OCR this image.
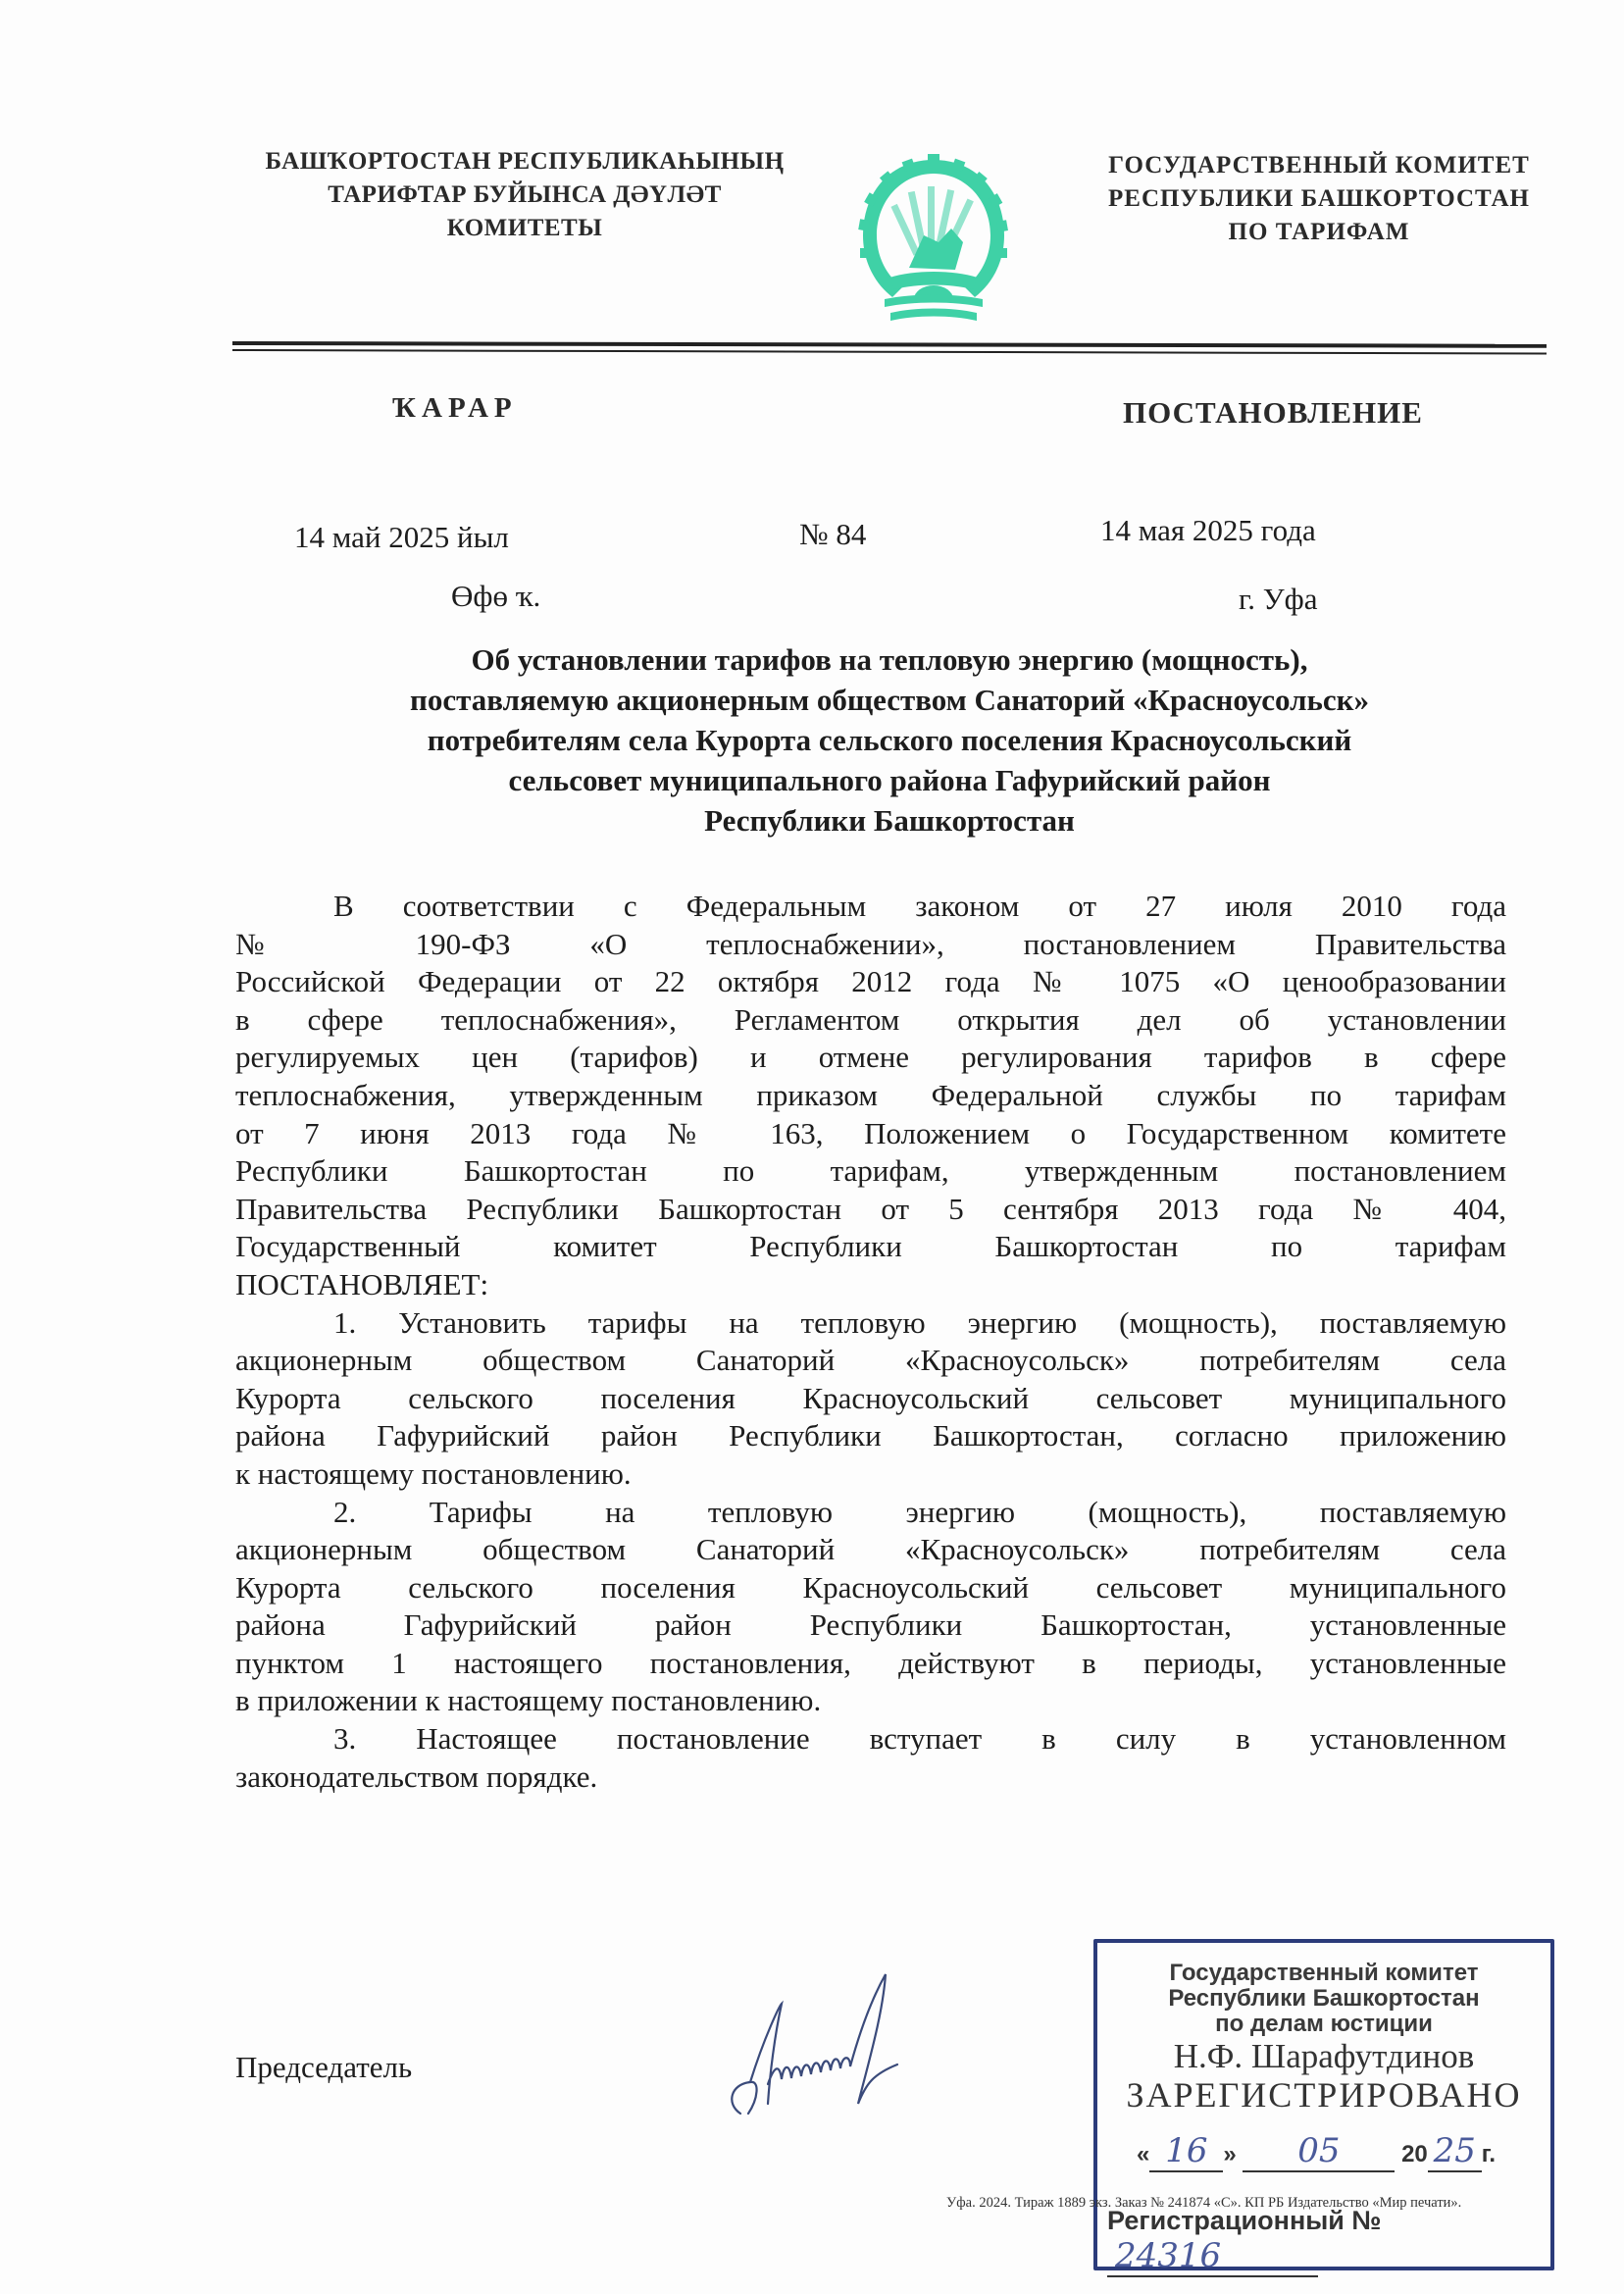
БАШҠОРТОСТАН РЕСПУБЛИКАҺЫНЫҢ
ТАРИФТАР БУЙЫНСА ДӘҮЛӘТ
КОМИТЕТЫ
ГОСУДАРСТВЕННЫЙ КОМИТЕТ
РЕСПУБЛИКИ БАШКОРТОСТАН
ПО ТАРИФАМ
ҠАРАР	ПОСТАНОВЛЕНИЕ
14 май 2025 йыл	№ 84	14 мая 2025 года
Өфө ҡ.	г. Уфа
Об установлении тарифов на тепловую энергию (мощность),
поставляемую акционерным обществом Санаторий «Красноусольск»
потребителям села Курорта сельского поселения Красноусольский
сельсовет муниципального района Гафурийский район
Республики Башкортостан
В соответствии с Федеральным законом от 27 июля 2010 года
№ 190-ФЗ «О теплоснабжении», постановлением Правительства
Российской Федерации от 22 октября 2012 года № 1075 «О ценообразовании
в сфере теплоснабжения», Регламентом открытия дел об установлении
регулируемых цен (тарифов) и отмене регулирования тарифов в сфере
теплоснабжения, утвержденным приказом Федеральной службы по тарифам
от 7 июня 2013 года № 163, Положением о Государственном комитете
Республики Башкортостан по тарифам, утвержденным постановлением
Правительства Республики Башкортостан от 5 сентября 2013 года № 404,
Государственный комитет Республики Башкортостан по тарифам
ПОСТАНОВЛЯЕТ:
1. Установить тарифы на тепловую энергию (мощность), поставляемую
акционерным обществом Санаторий «Красноусольск» потребителям села
Курорта сельского поселения Красноусольский сельсовет муниципального
района Гафурийский район Республики Башкортостан, согласно приложению
к настоящему постановлению.
2. Тарифы на тепловую энергию (мощность), поставляемую
акционерным обществом Санаторий «Красноусольск» потребителям села
Курорта сельского поселения Красноусольский сельсовет муниципального
района Гафурийский район Республики Башкортостан, установленные
пунктом 1 настоящего постановления, действуют в периоды, установленные
в приложении к настоящему постановлению.
3. Настоящее постановление вступает в силу в установленном
законодательством порядке.
Председатель
Государственный комитет
Республики Башкортостан
по делам юстиции
Н.Ф. Шарафутдинов
ЗАРЕГИСТРИРОВАНО
« 16 » 05	20 25 г.
Регистрационный № 24316
Уфа. 2024. Тираж 1889 экз. Заказ № 241874 «С». КП РБ Издательство «Мир печати».
